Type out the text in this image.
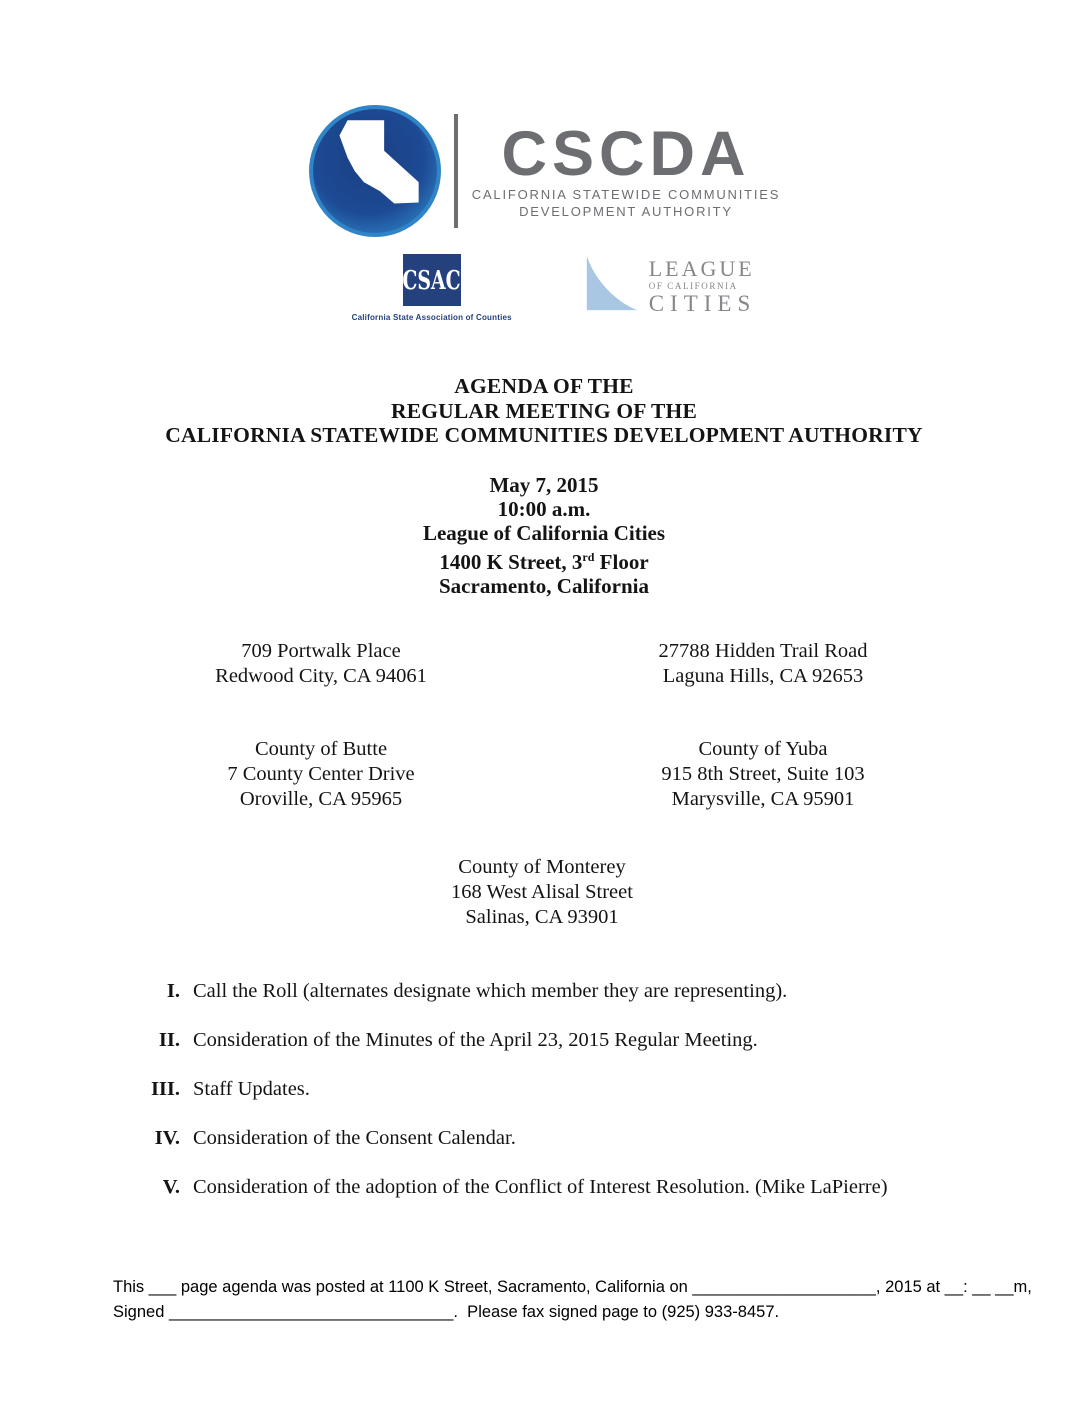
CSCDA
CALIFORNIA STATEWIDE COMMUNITIES
DEVELOPMENT AUTHORITY
CSAC
California State Association of Counties
LEAGUE
OF CALIFORNIA
CITIES
AGENDA OF THE
REGULAR MEETING OF THE
CALIFORNIA STATEWIDE COMMUNITIES DEVELOPMENT AUTHORITY
May 7, 2015
10:00 a.m.
League of California Cities
1400 K Street, 3rd Floor
Sacramento, California
709 Portwalk Place
Redwood City, CA 94061
27788 Hidden Trail Road
Laguna Hills, CA 92653
County of Butte
7 County Center Drive
Oroville, CA 95965
County of Yuba
915 8th Street, Suite 103
Marysville, CA 95901
County of Monterey
168 West Alisal Street
Salinas, CA 93901
I. Call the Roll (alternates designate which member they are representing).
II. Consideration of the Minutes of the April 23, 2015 Regular Meeting.
III. Staff Updates.
IV. Consideration of the Consent Calendar.
V. Consideration of the adoption of the Conflict of Interest Resolution. (Mike LaPierre)
This ___ page agenda was posted at 1100 K Street, Sacramento, California on ____________________, 2015 at __: __ __m,
Signed _______________________________.  Please fax signed page to (925) 933-8457.
